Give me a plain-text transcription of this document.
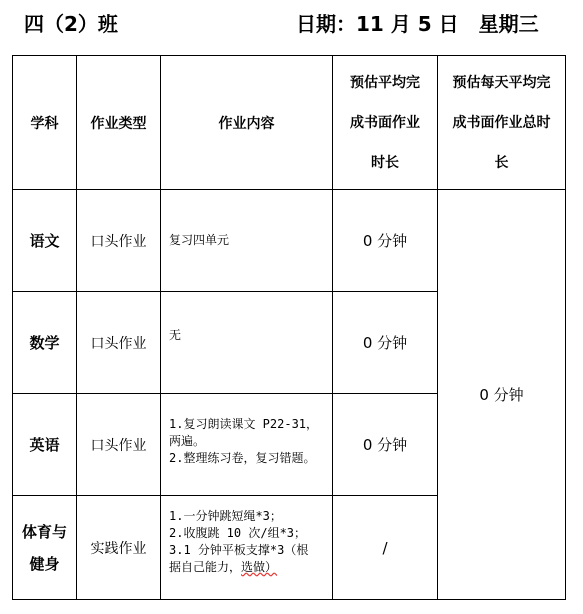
四（2）班	日期：11 月 5 日　星期三
学科	作业类型	作业内容	预估平均完
成书面作业
时长	预估每天平均完
成书面作业总时
长

语文	口头作业	复习四单元	0 分钟	0 分钟
数学	口头作业	无	0 分钟	
英语	口头作业	1.复习朗读课文 P22-31，
两遍。
2.整理练习卷，复习错题。	0 分钟	

体育与
健身	实践作业	1.一分钟跳短绳*3；
2.收腹跳 10 次/组*3；
3.1 分钟平板支撑*3（根
据自己能力，选做）	/	
